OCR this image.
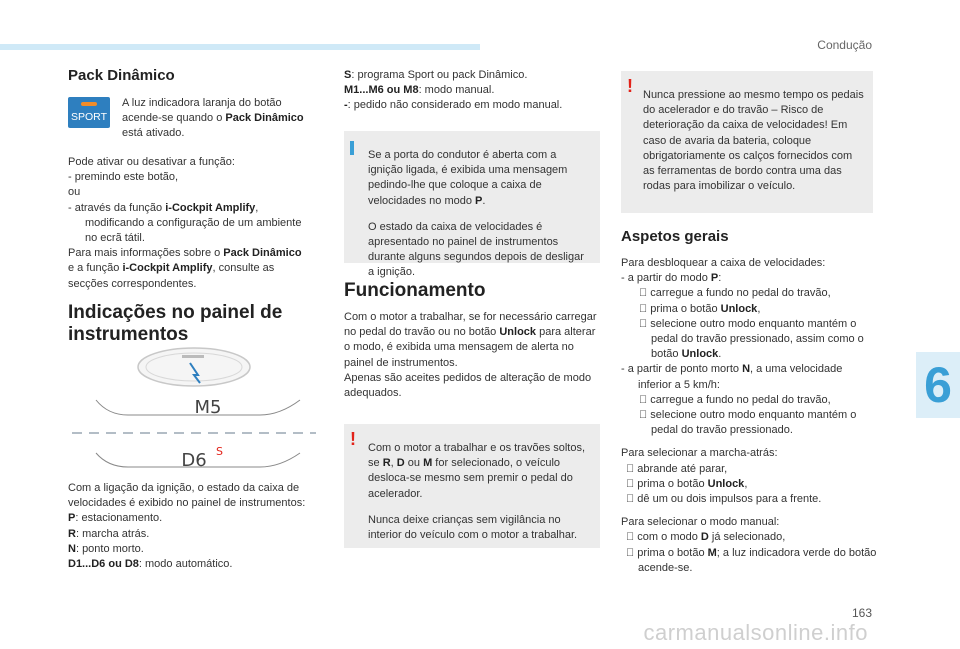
Condução
6
163
carmanualsonline.info
Pack Dinâmico
SPORT

A luz indicadora laranja do botão acende-se quando o Pack Dinâmico está ativado.

Pode ativar ou desativar a função:

- premindo este botão,

ou

- através da função i-Cockpit Amplify, modificando a configuração de um ambiente no ecrã tátil.

Para mais informações sobre o Pack Dinâmico e a função i-Cockpit Amplify, consulte as secções correspondentes.

Indicações no painel de instrumentos
M5
D6 S

Com a ligação da ignição, o estado da caixa de velocidades é exibido no painel de instrumentos:

P: estacionamento.

R: marcha atrás.

N: ponto morto.

D1...D6 ou D8: modo automático.

S: programa Sport ou pack Dinâmico.

M1...M6 ou M8: modo manual.

-: pedido não considerado em modo manual.

Se a porta do condutor é aberta com a ignição ligada, é exibida uma mensagem pedindo-lhe que coloque a caixa de velocidades no modo P.

O estado da caixa de velocidades é apresentado no painel de instrumentos durante alguns segundos depois de desligar a ignição.

Funcionamento

Com o motor a trabalhar, se for necessário carregar no pedal do travão ou no botão Unlock para alterar o modo, é exibida uma mensagem de alerta no painel de instrumentos.

Apenas são aceites pedidos de alteração de modo adequados.

! Com o motor a trabalhar e os travões soltos, se R, D ou M for selecionado, o veículo desloca-se mesmo sem premir o pedal do acelerador.

Nunca deixe crianças sem vigilância no interior do veículo com o motor a trabalhar.

! Nunca pressione ao mesmo tempo os pedais do acelerador e do travão – Risco de deterioração da caixa de velocidades! Em caso de avaria da bateria, coloque obrigatoriamente os calços fornecidos com as ferramentas de bordo contra uma das rodas para imobilizar o veículo.

Aspetos gerais

Para desbloquear a caixa de velocidades:

- a partir do modo P:

carregue a fundo no pedal do travão,

prima o botão Unlock,

selecione outro modo enquanto mantém o pedal do travão pressionado, assim como o botão Unlock.

- a partir de ponto morto N, a uma velocidade inferior a 5 km/h:

carregue a fundo no pedal do travão,

selecione outro modo enquanto mantém o pedal do travão pressionado.

Para selecionar a marcha-atrás:

abrande até parar,

prima o botão Unlock,

dê um ou dois impulsos para a frente.

Para selecionar o modo manual:

com o modo D já selecionado,

prima o botão M; a luz indicadora verde do botão acende-se.
